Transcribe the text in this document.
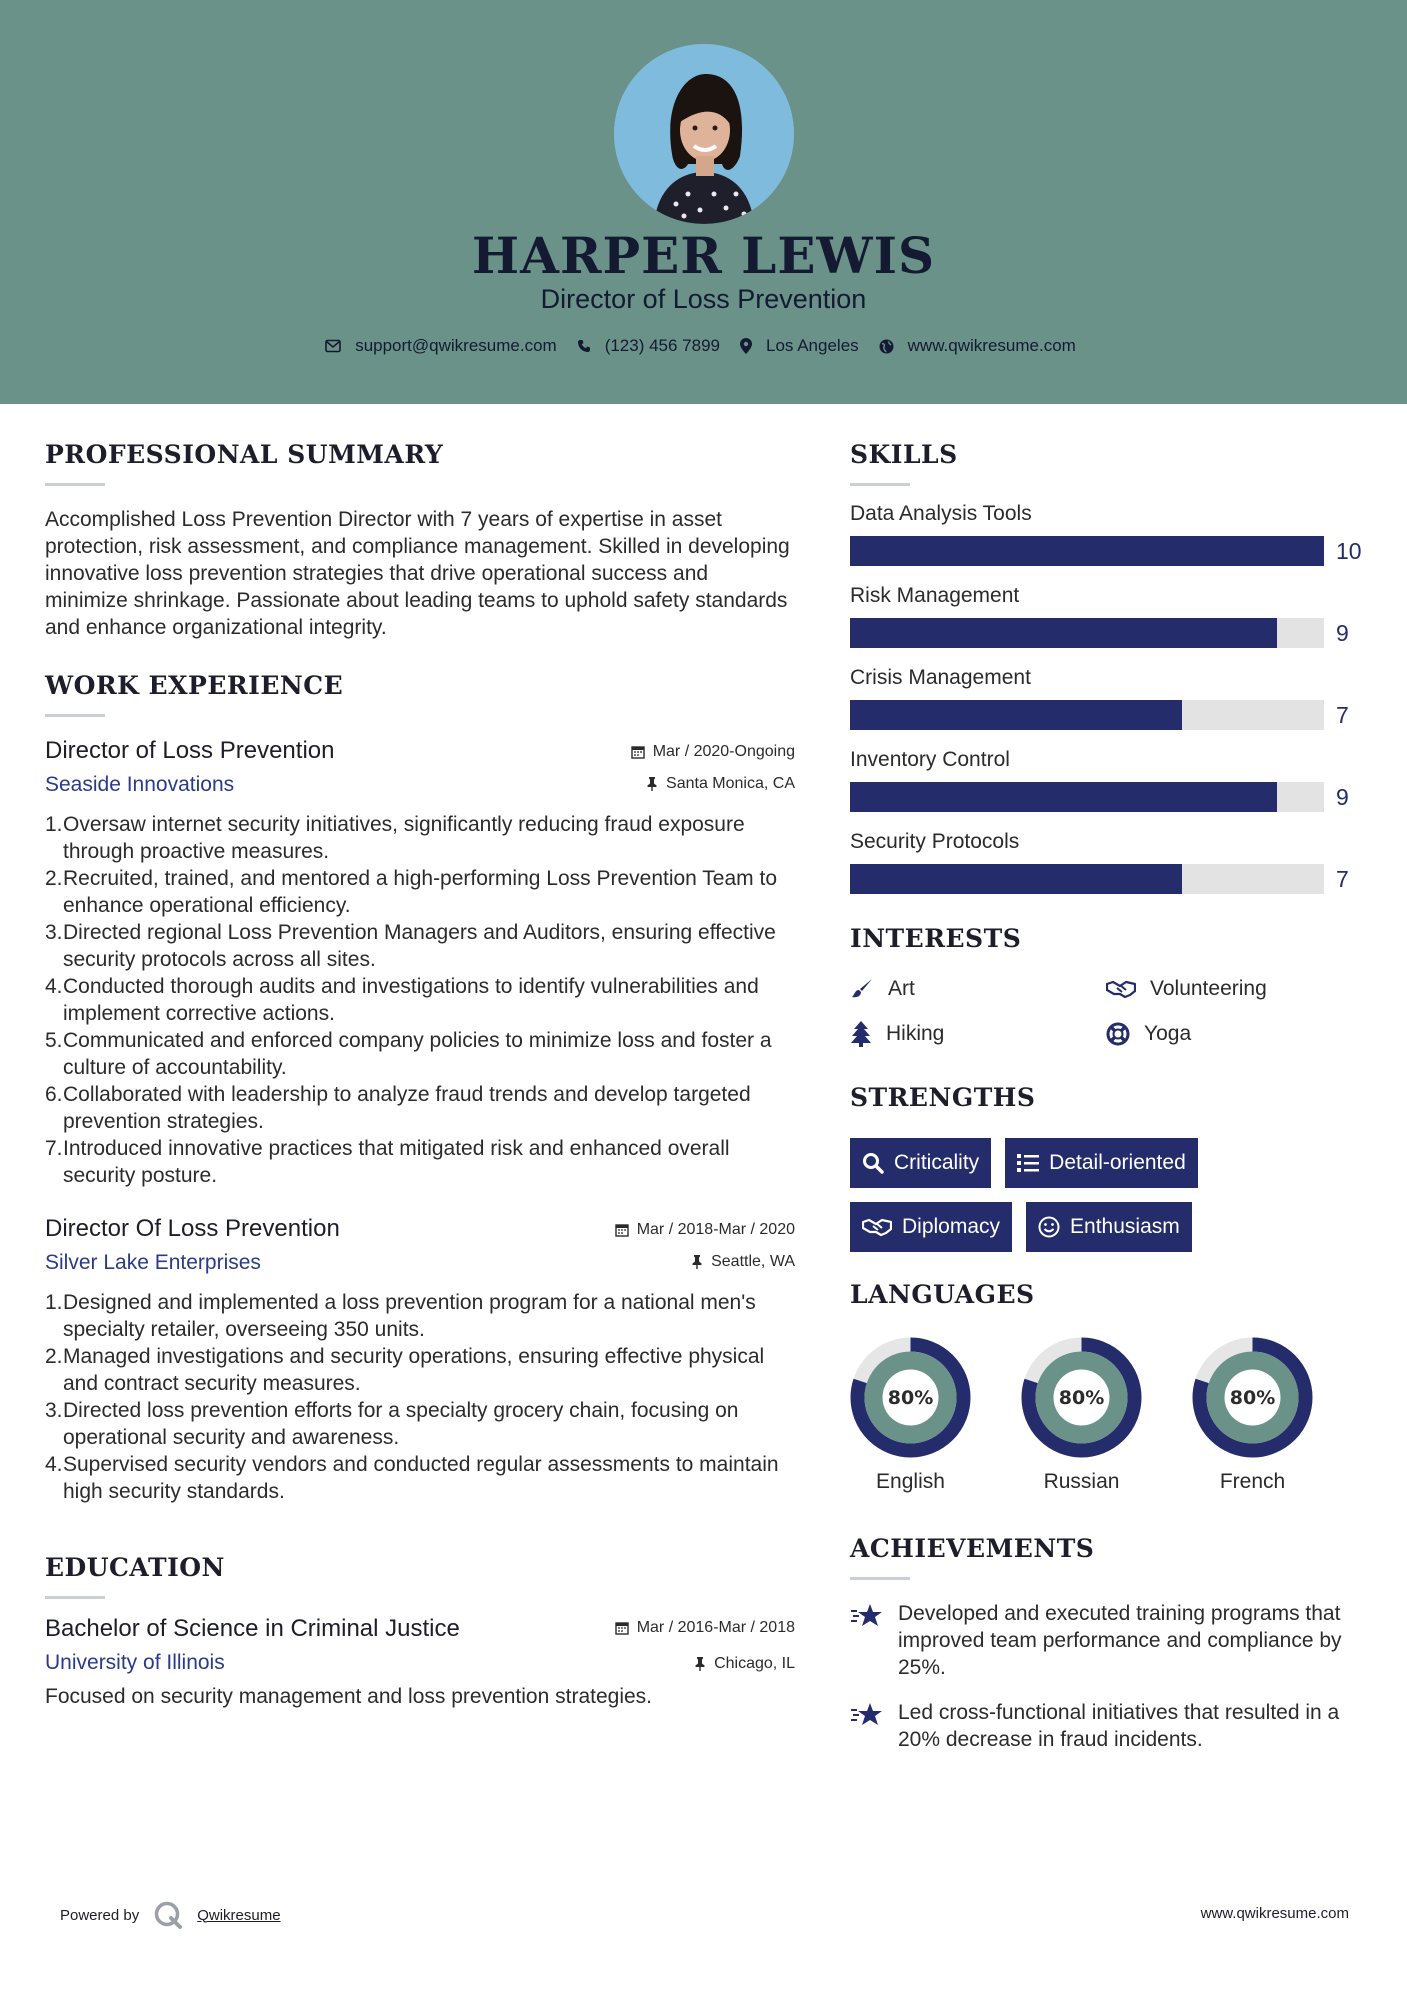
HARPER LEWIS
Director of Loss Prevention
support@qwikresume.com	(123) 456 7899	Los Angeles	www.qwikresume.com
PROFESSIONAL SUMMARY

Accomplished Loss Prevention Director with 7 years of expertise in asset protection, risk assessment, and compliance management. Skilled in developing innovative loss prevention strategies that drive operational success and minimize shrinkage. Passionate about leading teams to uphold safety standards and enhance organizational integrity.

WORK EXPERIENCE
Mar / 2020-Ongoing
Santa Monica, CA
Director of Loss Prevention
Seaside Innovations
1. Oversaw internet security initiatives, significantly reducing fraud exposure through proactive measures.
2. Recruited, trained, and mentored a high-performing Loss Prevention Team to enhance operational efficiency.
3. Directed regional Loss Prevention Managers and Auditors, ensuring effective security protocols across all sites.
4. Conducted thorough audits and investigations to identify vulnerabilities and implement corrective actions.
5. Communicated and enforced company policies to minimize loss and foster a culture of accountability.
6. Collaborated with leadership to analyze fraud trends and develop targeted prevention strategies.
7. Introduced innovative practices that mitigated risk and enhanced overall security posture.
Mar / 2018-Mar / 2020
Seattle, WA
Director Of Loss Prevention
Silver Lake Enterprises
1. Designed and implemented a loss prevention program for a national men's specialty retailer, overseeing 350 units.
2. Managed investigations and security operations, ensuring effective physical and contract security measures.
3. Directed loss prevention efforts for a specialty grocery chain, focusing on operational security and awareness.
4. Supervised security vendors and conducted regular assessments to maintain high security standards.
EDUCATION
Mar / 2016-Mar / 2018
Chicago, IL
Bachelor of Science in Criminal Justice
University of Illinois

Focused on security management and loss prevention strategies.

SKILLS
Data Analysis Tools
10
Risk Management
9
Crisis Management
7
Inventory Control
9
Security Protocols
7
INTERESTS
Art	Volunteering
Hiking	Yoga
STRENGTHS
Criticality	Detail-oriented
Diplomacy	Enthusiasm
LANGUAGES
80%
English
80%
Russian
80%
French
ACHIEVEMENTS
Developed and executed training programs that improved team performance and compliance by 25%.
Led cross-functional initiatives that resulted in a 20% decrease in fraud incidents.
Powered by	Qwikresume	www.qwikresume.com
